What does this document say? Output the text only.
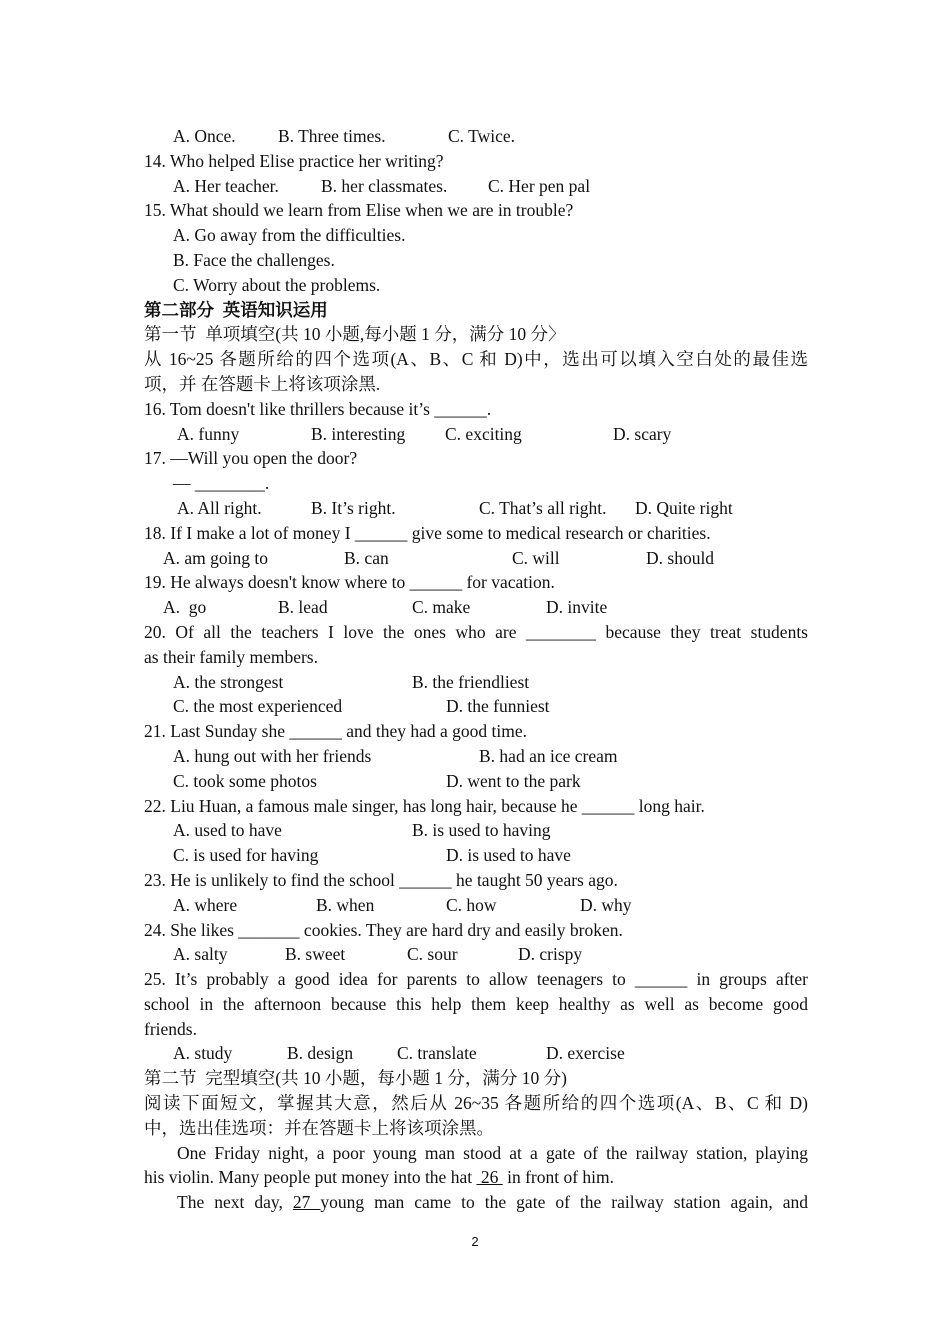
A. Once. B. Three times.	C. Twice.
14. Who helped Elise practice her writing?
A. Her teacher. B. her classmates. C. Her pen pal
15. What should we learn from Elise when we are in trouble?
A. Go away from the difficulties.
B. Face the challenges.
C. Worry about the problems.
第二部分  英语知识运用
第一节  单项填空(共 10 小题,每小题 1 分，满分 10 分〉
从 16~25 各题所给的四个选项(A、B、C 和 D)中，选出可以填入空白处的最佳选
项，并 在答题卡上将该项涂黑.
16. Tom doesn't like thrillers because it’s ______.
A. funny	B. interesting C. exciting	D. scary
17. —Will you open the door?
— ________.
A. All right.	B. It’s right.	C. That’s all right. D. Quite right
18. If I make a lot of money I ______ give some to medical research or charities.
A. am going to	B. can	C. will	D. should
19. He always doesn't know where to ______ for vacation.
A.  go	B. lead	C. make	D. invite
20. Of all the teachers I love the ones who are ________ because they treat students
as their family members.
A. the strongest	B. the friendliest
C. the most experienced	D. the funniest
21. Last Sunday she ______ and they had a good time.
A. hung out with her friends	B. had an ice cream
C. took some photos	D. went to the park
22. Liu Huan, a famous male singer, has long hair, because he ______ long hair.
A. used to have	B. is used to having
C. is used for having	D. is used to have
23. He is unlikely to find the school ______ he taught 50 years ago.
A. where	B. when	C. how	D. why
24. She likes _______ cookies. They are hard dry and easily broken.
A. salty	B. sweet	C. sour	D. crispy
25. It’s probably a good idea for parents to allow teenagers to ______ in groups after
school in the afternoon because this help them keep healthy as well as become good
friends.
A. study	B. design	C. translate	D. exercise
第二节  完型填空(共 10 小题，每小题 1 分，满分 10 分)
阅读下面短文，掌握其大意，然后从 26~35 各题所给的四个选项(A、B、C 和 D)
中，选出佳选项：并在答题卡上将该项涂黑。
One Friday night, a poor young man stood at a gate of the railway station, playing
his violin. Many people put money into the hat  26  in front of him.
The next day, 27 young man came to the gate of the railway station again, and
2
